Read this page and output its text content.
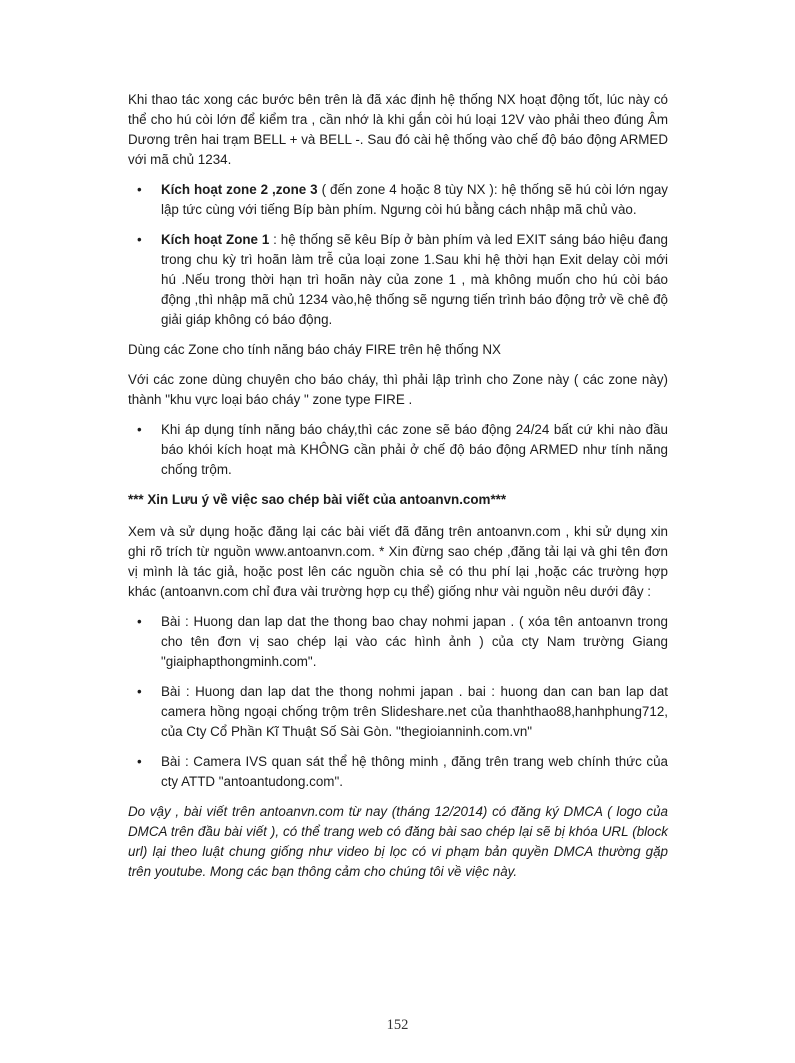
Khi thao tác xong các bước bên trên là đã xác định hệ thống NX hoạt động tốt, lúc này có thể cho hú còi lớn để kiểm tra , cần nhớ là khi gắn còi hú loại 12V vào phải theo đúng Âm Dương trên hai trạm BELL + và BELL -. Sau đó cài hệ thống vào chế độ báo động ARMED với mã chủ 1234.

• Kích hoạt zone 2 ,zone 3 ( đến zone 4 hoặc 8 tùy NX ): hệ thống sẽ hú còi lớn ngay lập tức cùng với tiếng Bíp bàn phím. Ngưng còi hú bằng cách nhập mã chủ vào.
• Kích hoạt Zone 1 : hệ thống sẽ kêu Bíp ở bàn phím và led EXIT sáng báo hiệu đang trong chu kỳ trì hoãn làm trễ của loại zone 1.Sau khi hệ thời hạn Exit delay còi mới hú .Nếu trong thời hạn trì hoãn này của zone 1 , mà không muốn cho hú còi báo động ,thì nhập mã chủ 1234 vào,hệ thống sẽ ngưng tiến trình báo động trở về chê độ giải giáp không có báo động.

Dùng các Zone cho tính năng báo cháy FIRE trên hệ thống NX

Với các zone dùng chuyên cho báo cháy, thì phải lập trình cho Zone này ( các zone này) thành "khu vực loại báo cháy " zone type FIRE .

• Khi áp dụng tính năng báo cháy,thì các zone sẽ báo động 24/24 bất cứ khi nào đầu báo khói kích hoạt mà KHÔNG cần phải ở chế độ báo động ARMED như tính năng chống trộm.

*** Xin Lưu ý về việc sao chép bài viết của antoanvn.com***

Xem và sử dụng hoặc đăng lại các bài viết đã đăng trên antoanvn.com , khi sử dụng xin ghi rõ trích từ nguồn www.antoanvn.com. * Xin đừng sao chép ,đăng tải lại và ghi tên đơn vị mình là tác giả, hoặc post lên các nguồn chia sẻ có thu phí lại ,hoặc các trường hợp khác (antoanvn.com chỉ đưa vài trường hợp cụ thể) giống như vài nguồn nêu dưới đây :

• Bài : Huong dan lap dat the thong bao chay nohmi japan . ( xóa tên antoanvn trong cho tên đơn vị sao chép lại vào các hình ảnh ) của cty Nam trường Giang "giaiphapthongminh.com".
• Bài : Huong dan lap dat the thong nohmi japan . bai : huong dan can ban lap dat camera hồng ngoại chống trộm trên Slideshare.net của thanhthao88,hanhphung712, của Cty Cổ Phần Kĩ Thuật Số Sài Gòn. "thegioianninh.com.vn"
• Bài : Camera IVS quan sát thể hệ thông minh , đăng trên trang web chính thức của cty ATTD "antoantudong.com".

Do vậy , bài viết trên antoanvn.com từ nay (tháng 12/2014) có đăng ký DMCA ( logo của DMCA trên đầu bài viết ), có thể trang web có đăng bài sao chép lại sẽ bị khóa URL (block url) lại theo luật chung giống như video bị lọc có vi phạm bản quyền DMCA thường gặp trên youtube. Mong các bạn thông cảm cho chúng tôi về việc này.

152
